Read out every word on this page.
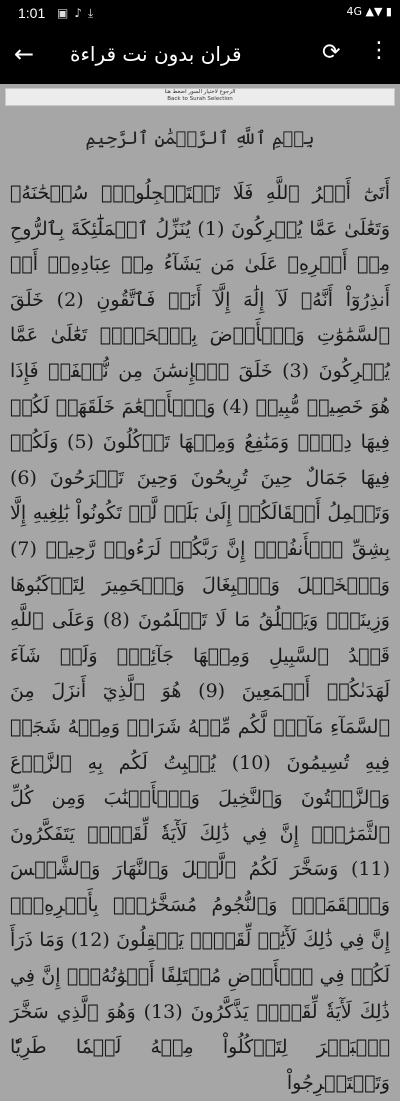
1:01 ▣♪⤓	4G ▲▼ ▮
← قران بدون نت قراءة	⟳ ⋮
الرجوع لاختيار السور اضغط هنا
Back to Surah Selection
بِسۡمِ ٱللَّهِ ٱلرَّحۡمَٰنِ ٱلرَّحِيمِ
أَتَىٰٓ أَمۡرُ ٱللَّهِ فَلَا تَسۡتَعۡجِلُوهُۚ سُبۡحَٰنَهُۥ وَتَعَٰلَىٰ عَمَّا يُشۡرِكُونَ (1) يُنَزِّلُ ٱلۡمَلَٰٓئِكَةَ بِٱلرُّوحِ مِنۡ أَمۡرِهِۦ عَلَىٰ مَن يَشَآءُ مِنۡ عِبَادِهِۦٓ أَنۡ أَنذِرُوٓاْ أَنَّهُۥ لَآ إِلَٰهَ إِلَّآ أَنَا۠ فَٱتَّقُونِ (2) خَلَقَ ٱلسَّمَٰوَٰتِ وَٱلۡأَرۡضَ بِٱلۡحَقِّۚ تَعَٰلَىٰ عَمَّا يُشۡرِكُونَ (3) خَلَقَ ٱلۡإِنسَٰنَ مِن نُّطۡفَةٖ فَإِذَا هُوَ خَصِيمٞ مُّبِينٞ (4) وَٱلۡأَنۡعَٰمَ خَلَقَهَاۖ لَكُمۡ فِيهَا دِفۡءٞ وَمَنَٰفِعُ وَمِنۡهَا تَأۡكُلُونَ (5) وَلَكُمۡ فِيهَا جَمَالٌ حِينَ تُرِيحُونَ وَحِينَ تَسۡرَحُونَ (6) وَتَحۡمِلُ أَثۡقَالَكُمۡ إِلَىٰ بَلَدٖ لَّمۡ تَكُونُواْ بَٰلِغِيهِ إِلَّا بِشِقِّ ٱلۡأَنفُسِۚ إِنَّ رَبَّكُمۡ لَرَءُوفٞ رَّحِيمٞ (7) وَٱلۡخَيۡلَ وَٱلۡبِغَالَ وَٱلۡحَمِيرَ لِتَرۡكَبُوهَا وَزِينَةٗۚ وَيَخۡلُقُ مَا لَا تَعۡلَمُونَ (8) وَعَلَى ٱللَّهِ قَصۡدُ ٱلسَّبِيلِ وَمِنۡهَا جَآئِرٞۚ وَلَوۡ شَآءَ لَهَدَىٰكُمۡ أَجۡمَعِينَ (9) هُوَ ٱلَّذِيٓ أَنزَلَ مِنَ ٱلسَّمَآءِ مَآءٗۖ لَّكُم مِّنۡهُ شَرَابٞ وَمِنۡهُ شَجَرٞ فِيهِ تُسِيمُونَ (10) يُنۢبِتُ لَكُم بِهِ ٱلزَّرۡعَ وَٱلزَّيۡتُونَ وَٱلنَّخِيلَ وَٱلۡأَعۡنَٰبَ وَمِن كُلِّ ٱلثَّمَرَٰتِۚ إِنَّ فِي ذَٰلِكَ لَأٓيَةٗ لِّقَوۡمٖ يَتَفَكَّرُونَ (11) وَسَخَّرَ لَكُمُ ٱلَّيۡلَ وَٱلنَّهَارَ وَٱلشَّمۡسَ وَٱلۡقَمَرَۖ وَٱلنُّجُومُ مُسَخَّرَٰتُۢ بِأَمۡرِهِۦٓۚ إِنَّ فِي ذَٰلِكَ لَأٓيَٰتٖ لِّقَوۡمٖ يَعۡقِلُونَ (12) وَمَا ذَرَأَ لَكُمۡ فِي ٱلۡأَرۡضِ مُخۡتَلِفًا أَلۡوَٰنُهُۥٓۚ إِنَّ فِي ذَٰلِكَ لَأٓيَةٗ لِّقَوۡمٖ يَذَّكَّرُونَ (13) وَهُوَ ٱلَّذِي سَخَّرَ ٱلۡبَحۡرَ لِتَأۡكُلُواْ مِنۡهُ لَحۡمٗا طَرِيّٗا وَتَسۡتَخۡرِجُواْ
